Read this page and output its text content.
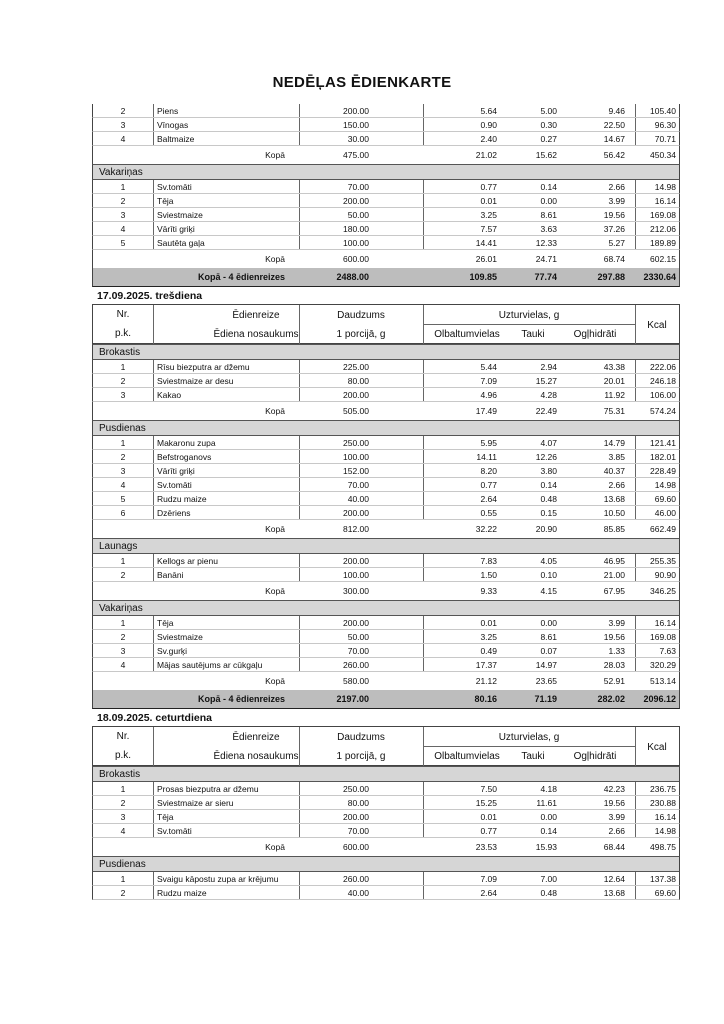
NEDĒĻAS ĒDIENKARTE
2	Piens	200.00	5.64	5.00	9.46	105.40
3	Vīnogas	150.00	0.90	0.30	22.50	96.30
4	Baltmaize	30.00	2.40	0.27	14.67	70.71
Kopā	475.00	21.02	15.62	56.42	450.34
Vakariņas
1	Sv.tomāti	70.00	0.77	0.14	2.66	14.98
2	Tēja	200.00	0.01	0.00	3.99	16.14
3	Sviestmaize	50.00	3.25	8.61	19.56	169.08
4	Vārīti griķi	180.00	7.57	3.63	37.26	212.06
5	Sautēta gaļa	100.00	14.41	12.33	5.27	189.89
Kopā	600.00	26.01	24.71	68.74	602.15
Kopā - 4 ēdienreizes	2488.00	109.85	77.74	297.88	2330.64
17.09.2025. trešdiena
Nr.
p.k.
Ēdienreize
Ēdiena nosaukums
Daudzums
1 porcijā, g
Uzturvielas, g
Olbaltumvielas	Tauki	Ogļhidrāti
Kcal
Brokastis
1	Rīsu biezputra ar džemu	225.00	5.44	2.94	43.38	222.06
2	Sviestmaize ar desu	80.00	7.09	15.27	20.01	246.18
3	Kakao	200.00	4.96	4.28	11.92	106.00
Kopā	505.00	17.49	22.49	75.31	574.24
Pusdienas
1	Makaronu zupa	250.00	5.95	4.07	14.79	121.41
2	Befstroganovs	100.00	14.11	12.26	3.85	182.01
3	Vārīti griķi	152.00	8.20	3.80	40.37	228.49
4	Sv.tomāti	70.00	0.77	0.14	2.66	14.98
5	Rudzu maize	40.00	2.64	0.48	13.68	69.60
6	Dzēriens	200.00	0.55	0.15	10.50	46.00
Kopā	812.00	32.22	20.90	85.85	662.49
Launags
1	Kellogs ar pienu	200.00	7.83	4.05	46.95	255.35
2	Banāni	100.00	1.50	0.10	21.00	90.90
Kopā	300.00	9.33	4.15	67.95	346.25
Vakariņas
1	Tēja	200.00	0.01	0.00	3.99	16.14
2	Sviestmaize	50.00	3.25	8.61	19.56	169.08
3	Sv.gurķi	70.00	0.49	0.07	1.33	7.63
4	Mājas sautējums ar cūkgaļu	260.00	17.37	14.97	28.03	320.29
Kopā	580.00	21.12	23.65	52.91	513.14
Kopā - 4 ēdienreizes	2197.00	80.16	71.19	282.02	2096.12
18.09.2025. ceturtdiena
Nr.
p.k.
Ēdienreize
Ēdiena nosaukums
Daudzums
1 porcijā, g
Uzturvielas, g
Olbaltumvielas	Tauki	Ogļhidrāti
Kcal
Brokastis
1	Prosas biezputra ar džemu	250.00	7.50	4.18	42.23	236.75
2	Sviestmaize ar sieru	80.00	15.25	11.61	19.56	230.88
3	Tēja	200.00	0.01	0.00	3.99	16.14
4	Sv.tomāti	70.00	0.77	0.14	2.66	14.98
Kopā	600.00	23.53	15.93	68.44	498.75
Pusdienas
1	Svaigu kāpostu zupa ar krējumu	260.00	7.09	7.00	12.64	137.38
2	Rudzu maize	40.00	2.64	0.48	13.68	69.60
